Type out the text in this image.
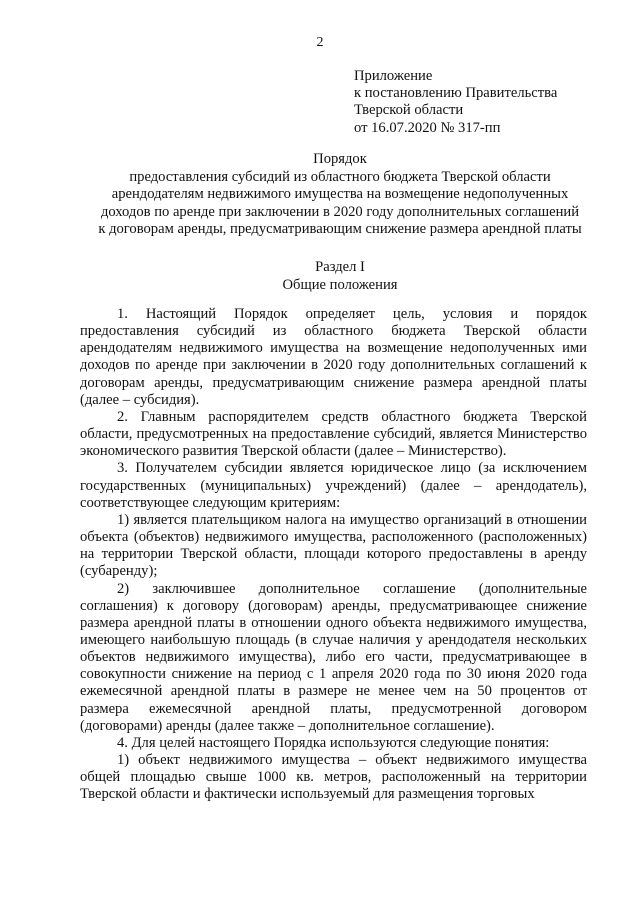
2
Приложение
к постановлению Правительства
Тверской области
от 16.07.2020 № 317-пп
Порядок
предоставления субсидий из областного бюджета Тверской области
арендодателям недвижимого имущества на возмещение недополученных
доходов по аренде при заключении в 2020 году дополнительных соглашений
к договорам аренды, предусматривающим снижение размера арендной платы
Раздел I
Общие положения

1. Настоящий Порядок определяет цель, условия и порядок предоставления субсидий из областного бюджета Тверской области арендодателям недвижимого имущества на возмещение недополученных ими доходов по аренде при заключении в 2020 году дополнительных соглашений к договорам аренды, предусматривающим снижение размера арендной платы (далее – субсидия).

2. Главным распорядителем средств областного бюджета Тверской области, предусмотренных на предоставление субсидий, является Министерство экономического развития Тверской области (далее – Министерство).

3. Получателем субсидии является юридическое лицо (за исключением государственных (муниципальных) учреждений) (далее – арендодатель), соответствующее следующим критериям:

1) является плательщиком налога на имущество организаций в отношении объекта (объектов) недвижимого имущества, расположенного (расположенных) на территории Тверской области, площади которого предоставлены в аренду (субаренду);

2) заключившее дополнительное соглашение (дополнительные соглашения) к договору (договорам) аренды, предусматривающее снижение размера арендной платы в отношении одного объекта недвижимого имущества, имеющего наибольшую площадь (в случае наличия у арендодателя нескольких объектов недвижимого имущества), либо его части, предусматривающее в совокупности снижение на период с 1 апреля 2020 года по 30 июня 2020 года ежемесячной арендной платы в размере не менее чем на 50 процентов от размера ежемесячной арендной платы, предусмотренной договором (договорами) аренды (далее также – дополнительное соглашение).

4. Для целей настоящего Порядка используются следующие понятия:

1) объект недвижимого имущества – объект недвижимого имущества общей площадью свыше 1000 кв. метров, расположенный на территории Тверской области и фактически используемый для размещения торговых
